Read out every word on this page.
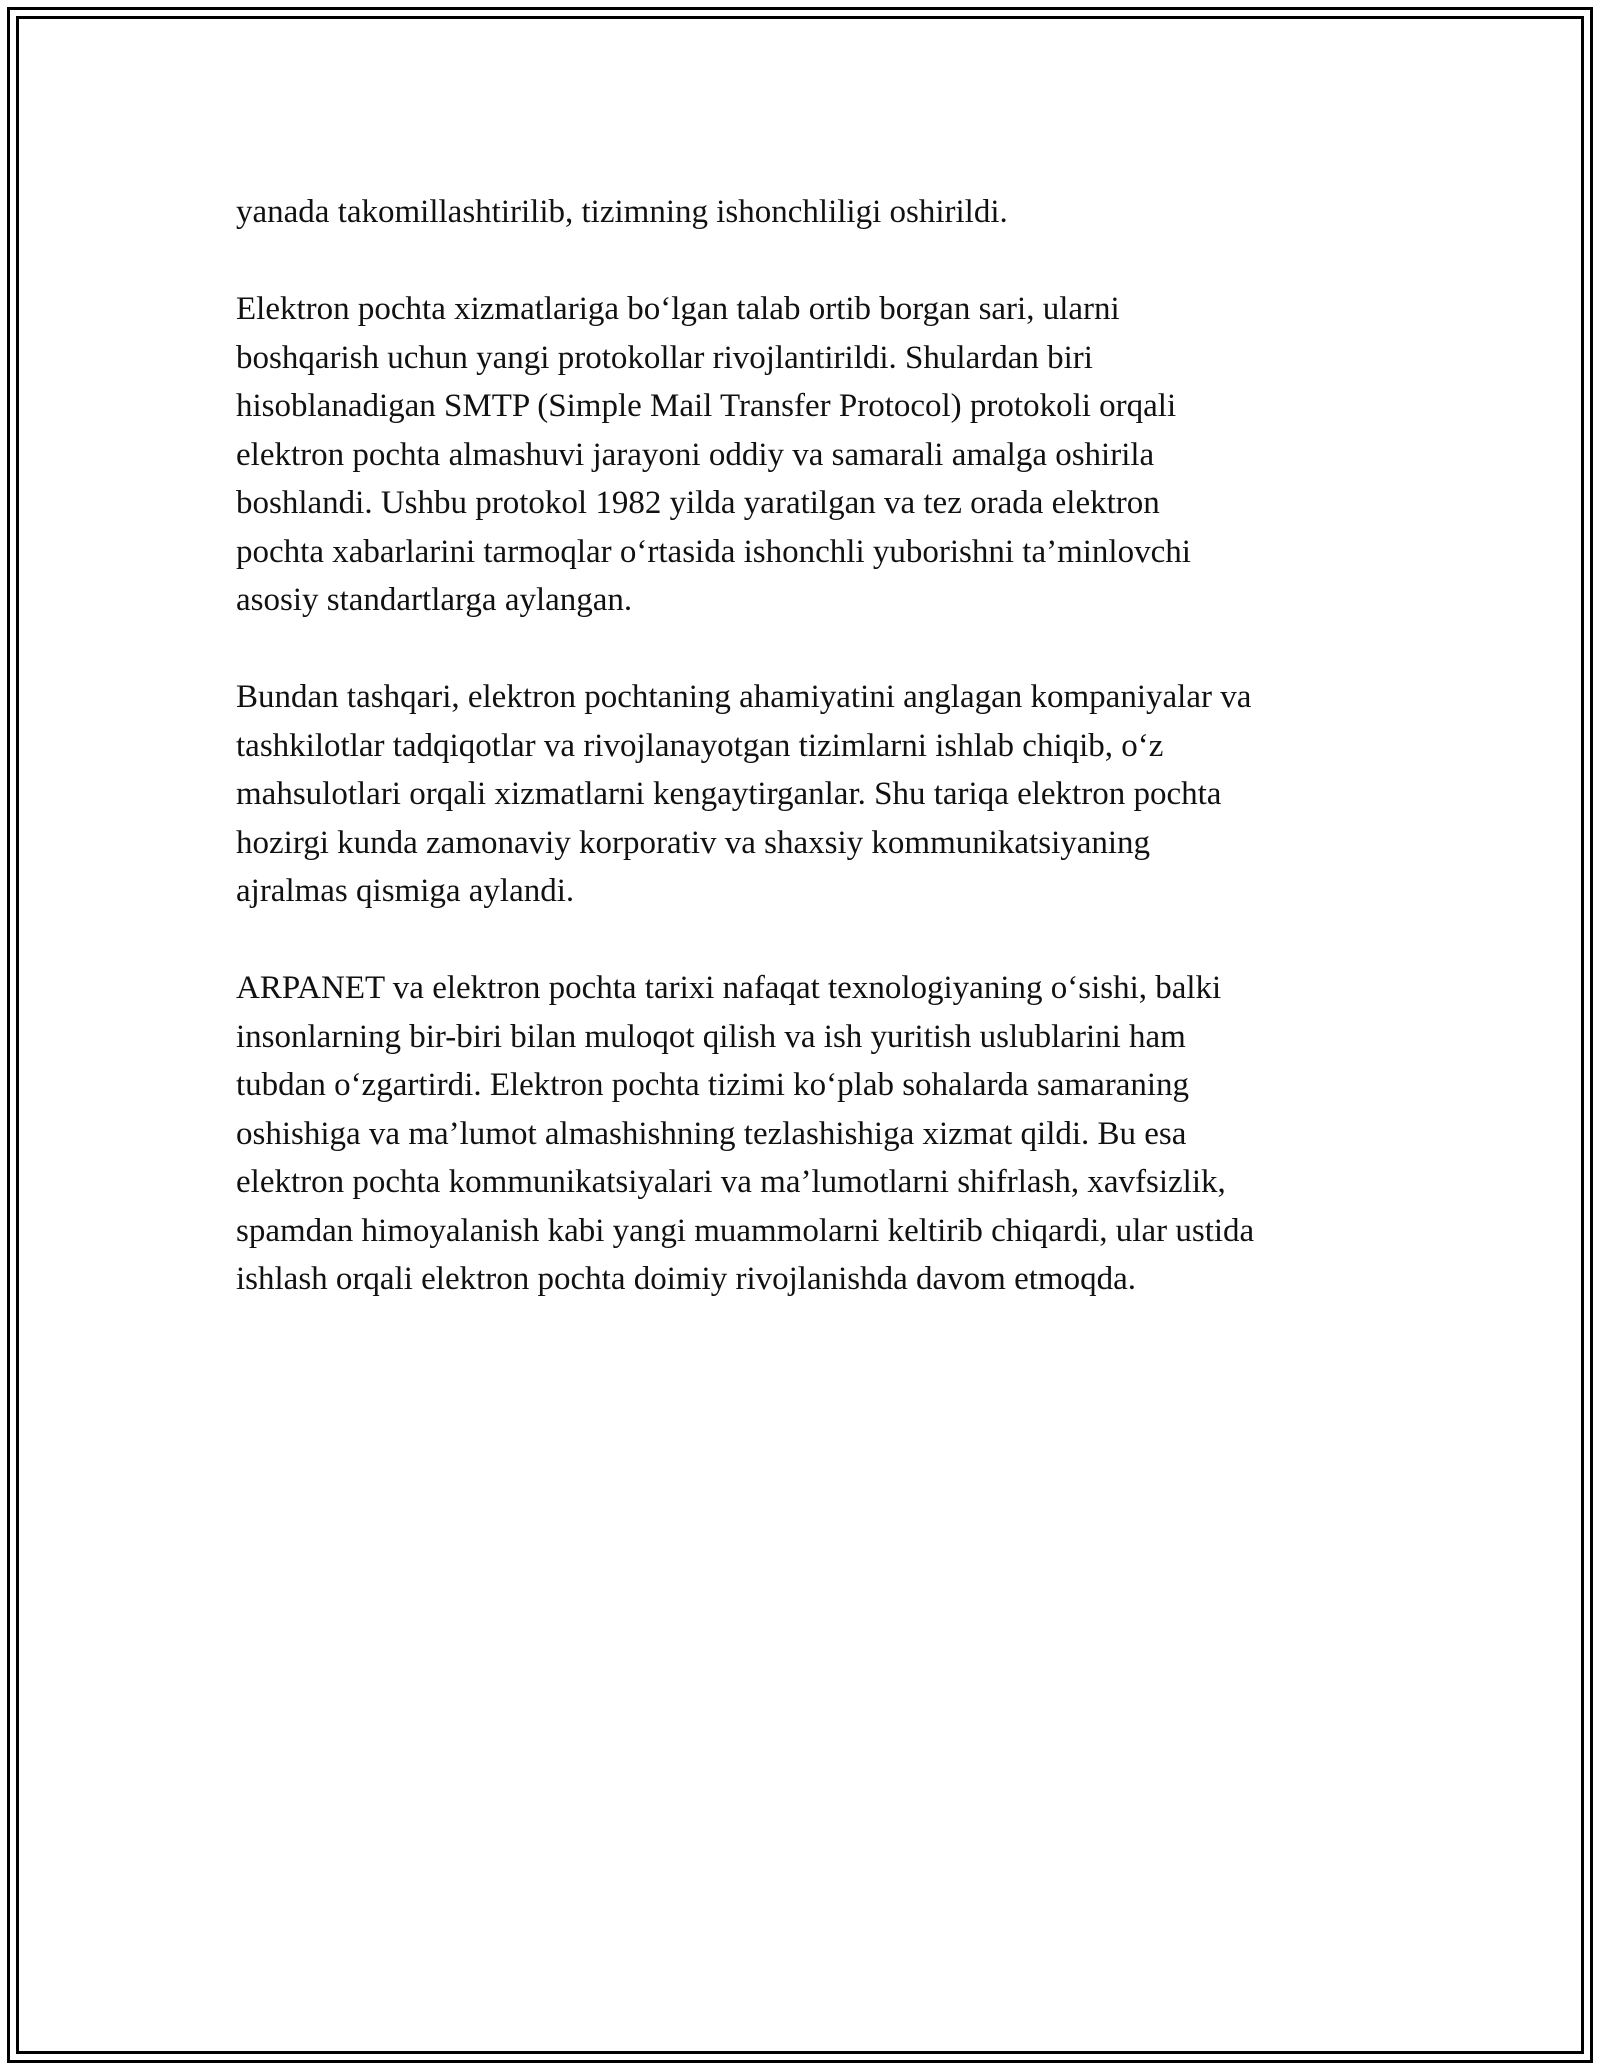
yanada takomillashtirilib, tizimning ishonchliligi oshirildi.

Elektron pochta xizmatlariga bo‘lgan talab ortib borgan sari, ularni
boshqarish uchun yangi protokollar rivojlantirildi. Shulardan biri
hisoblanadigan SMTP (Simple Mail Transfer Protocol) protokoli orqali
elektron pochta almashuvi jarayoni oddiy va samarali amalga oshirila
boshlandi. Ushbu protokol 1982 yilda yaratilgan va tez orada elektron
pochta xabarlarini tarmoqlar o‘rtasida ishonchli yuborishni ta’minlovchi
asosiy standartlarga aylangan.

Bundan tashqari, elektron pochtaning ahamiyatini anglagan kompaniyalar va
tashkilotlar tadqiqotlar va rivojlanayotgan tizimlarni ishlab chiqib, o‘z
mahsulotlari orqali xizmatlarni kengaytirganlar. Shu tariqa elektron pochta
hozirgi kunda zamonaviy korporativ va shaxsiy kommunikatsiyaning
ajralmas qismiga aylandi.

ARPANET va elektron pochta tarixi nafaqat texnologiyaning o‘sishi, balki
insonlarning bir-biri bilan muloqot qilish va ish yuritish uslublarini ham
tubdan o‘zgartirdi. Elektron pochta tizimi ko‘plab sohalarda samaraning
oshishiga va ma’lumot almashishning tezlashishiga xizmat qildi. Bu esa
elektron pochta kommunikatsiyalari va ma’lumotlarni shifrlash, xavfsizlik,
spamdan himoyalanish kabi yangi muammolarni keltirib chiqardi, ular ustida
ishlash orqali elektron pochta doimiy rivojlanishda davom etmoqda.
